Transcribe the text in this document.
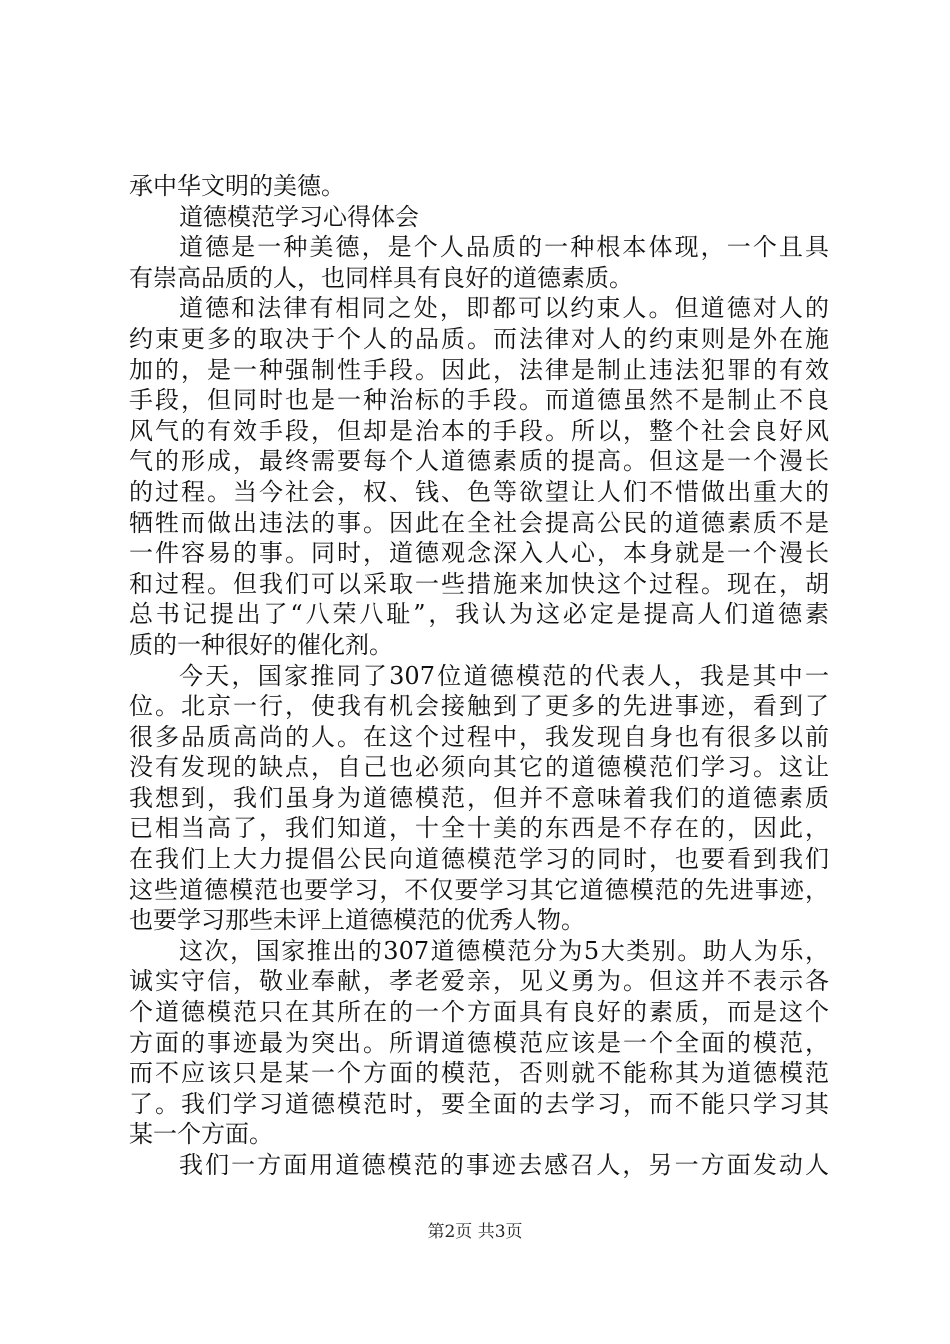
承中华文明的美德。
道德模范学习心得体会
道德是一种美德，是个人品质的一种根本体现，一个且具
有崇高品质的人，也同样具有良好的道德素质。
道德和法律有相同之处，即都可以约束人。但道德对人的
约束更多的取决于个人的品质。而法律对人的约束则是外在施
加的，是一种强制性手段。因此，法律是制止违法犯罪的有效
手段，但同时也是一种治标的手段。而道德虽然不是制止不良
风气的有效手段，但却是治本的手段。所以，整个社会良好风
气的形成，最终需要每个人道德素质的提高。但这是一个漫长
的过程。当今社会，权、钱、色等欲望让人们不惜做出重大的
牺牲而做出违法的事。因此在全社会提高公民的道德素质不是
一件容易的事。同时，道德观念深入人心，本身就是一个漫长
和过程。但我们可以采取一些措施来加快这个过程。现在，胡
总书记提出了“八荣八耻”，我认为这必定是提高人们道德素
质的一种很好的催化剂。
今天，国家推同了307位道德模范的代表人，我是其中一
位。北京一行，使我有机会接触到了更多的先进事迹，看到了
很多品质高尚的人。在这个过程中，我发现自身也有很多以前
没有发现的缺点，自己也必须向其它的道德模范们学习。这让
我想到，我们虽身为道德模范，但并不意味着我们的道德素质
已相当高了，我们知道，十全十美的东西是不存在的，因此，
在我们上大力提倡公民向道德模范学习的同时，也要看到我们
这些道德模范也要学习，不仅要学习其它道德模范的先进事迹，
也要学习那些未评上道德模范的优秀人物。
这次，国家推出的307道德模范分为5大类别。助人为乐，
诚实守信，敬业奉献，孝老爱亲，见义勇为。但这并不表示各
个道德模范只在其所在的一个方面具有良好的素质，而是这个
方面的事迹最为突出。所谓道德模范应该是一个全面的模范，
而不应该只是某一个方面的模范，否则就不能称其为道德模范
了。我们学习道德模范时，要全面的去学习，而不能只学习其
某一个方面。
我们一方面用道德模范的事迹去感召人，另一方面发动人
第2页 共3页
